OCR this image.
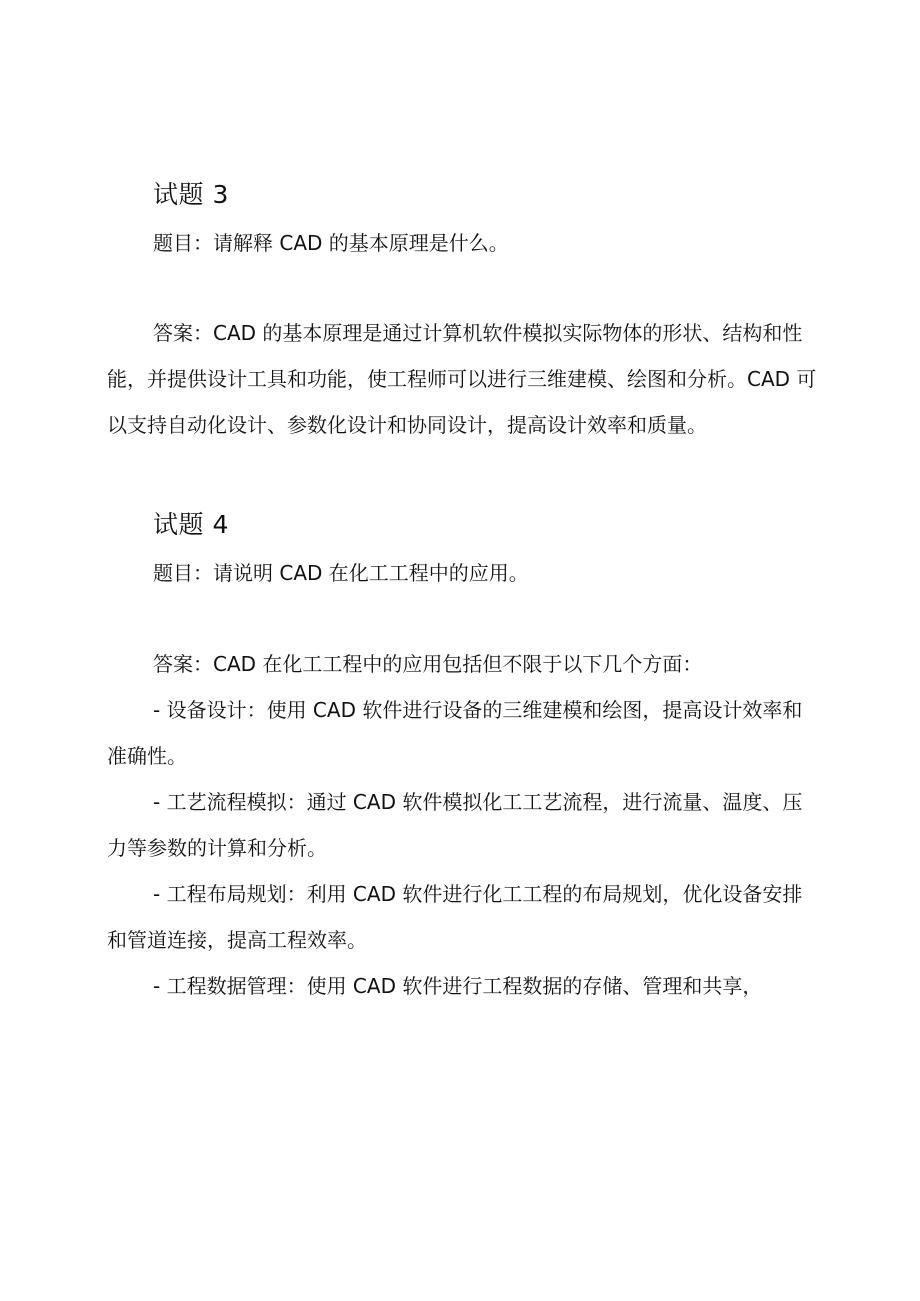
试题 3
题目：请解释 CAD 的基本原理是什么。

答案：CAD 的基本原理是通过计算机软件模拟实际物体的形状、结构和性能，并提供设计工具和功能，使工程师可以进行三维建模、绘图和分析。CAD 可以支持自动化设计、参数化设计和协同设计，提高设计效率和质量。

试题 4
题目：请说明 CAD 在化工工程中的应用。

答案：CAD 在化工工程中的应用包括但不限于以下几个方面：

- 设备设计：使用 CAD 软件进行设备的三维建模和绘图，提高设计效率和准确性。

- 工艺流程模拟：通过 CAD 软件模拟化工工艺流程，进行流量、温度、压力等参数的计算和分析。

- 工程布局规划：利用 CAD 软件进行化工工程的布局规划，优化设备安排和管道连接，提高工程效率。

- 工程数据管理：使用 CAD 软件进行工程数据的存储、管理和共享，
